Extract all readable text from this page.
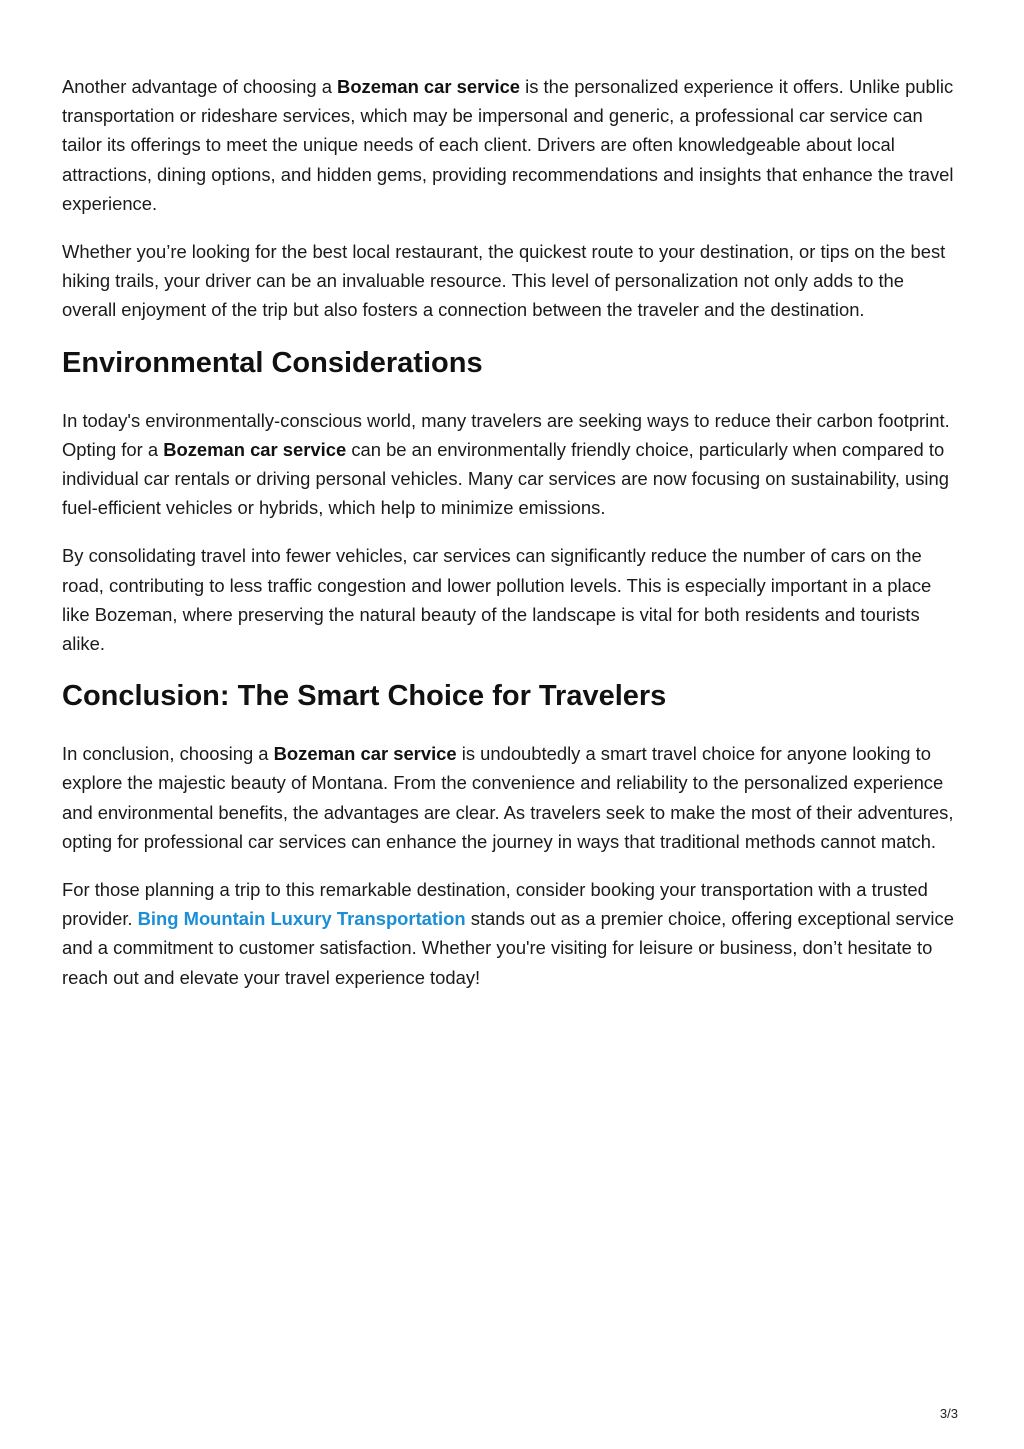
Another advantage of choosing a Bozeman car service is the personalized experience it offers. Unlike public transportation or rideshare services, which may be impersonal and generic, a professional car service can tailor its offerings to meet the unique needs of each client. Drivers are often knowledgeable about local attractions, dining options, and hidden gems, providing recommendations and insights that enhance the travel experience.

Whether you’re looking for the best local restaurant, the quickest route to your destination, or tips on the best hiking trails, your driver can be an invaluable resource. This level of personalization not only adds to the overall enjoyment of the trip but also fosters a connection between the traveler and the destination.

Environmental Considerations

In today's environmentally-conscious world, many travelers are seeking ways to reduce their carbon footprint. Opting for a Bozeman car service can be an environmentally friendly choice, particularly when compared to individual car rentals or driving personal vehicles. Many car services are now focusing on sustainability, using fuel-efficient vehicles or hybrids, which help to minimize emissions.

By consolidating travel into fewer vehicles, car services can significantly reduce the number of cars on the road, contributing to less traffic congestion and lower pollution levels. This is especially important in a place like Bozeman, where preserving the natural beauty of the landscape is vital for both residents and tourists alike.

Conclusion: The Smart Choice for Travelers

In conclusion, choosing a Bozeman car service is undoubtedly a smart travel choice for anyone looking to explore the majestic beauty of Montana. From the convenience and reliability to the personalized experience and environmental benefits, the advantages are clear. As travelers seek to make the most of their adventures, opting for professional car services can enhance the journey in ways that traditional methods cannot match.

For those planning a trip to this remarkable destination, consider booking your transportation with a trusted provider. Bing Mountain Luxury Transportation stands out as a premier choice, offering exceptional service and a commitment to customer satisfaction. Whether you're visiting for leisure or business, don’t hesitate to reach out and elevate your travel experience today!

3/3
